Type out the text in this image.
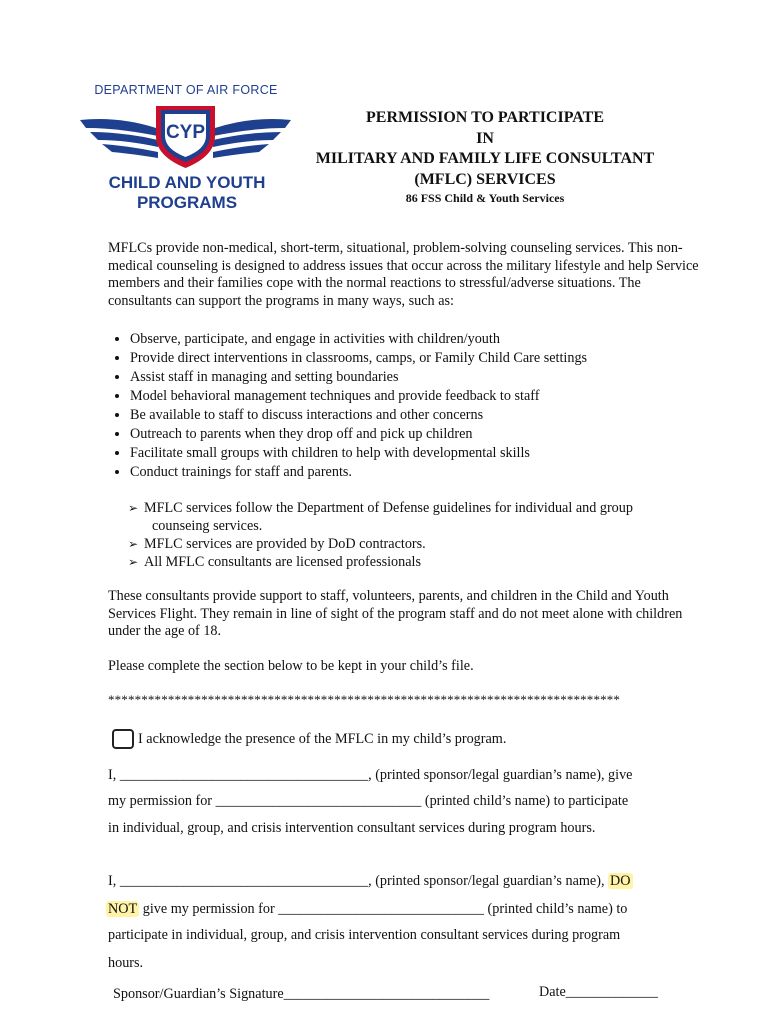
DEPARTMENT OF AIR FORCE
CYP
CHILD AND YOUTH
PROGRAMS
PERMISSION TO PARTICIPATE
IN
MILITARY AND FAMILY LIFE CONSULTANT
(MFLC) SERVICES
86 FSS Child & Youth Services
MFLCs provide non-medical, short-term, situational, problem-solving counseling services. This non-medical counseling is designed to address issues that occur across the military lifestyle and help Service members and their families cope with the normal reactions to stressful/adverse situations. The consultants can support the programs in many ways, such as:
• Observe, participate, and engage in activities with children/youth
• Provide direct interventions in classrooms, camps, or Family Child Care settings
• Assist staff in managing and setting boundaries
• Model behavioral management techniques and provide feedback to staff
• Be available to staff to discuss interactions and other concerns
• Outreach to parents when they drop off and pick up children
• Facilitate small groups with children to help with developmental skills
• Conduct trainings for staff and parents.
➢ MFLC services follow the Department of Defense guidelines for individual and group
counseing services.
➢ MFLC services are provided by DoD contractors.
➢ All MFLC consultants are licensed professionals
These consultants provide support to staff, volunteers, parents, and children in the Child and Youth Services Flight. They remain in line of sight of the program staff and do not meet alone with children under the age of 18.
Please complete the section below to be kept in your child’s file.
*****************************************************************************
I acknowledge the presence of the MFLC in my child’s program.
I, ___________________________________, (printed sponsor/legal guardian’s name), give
my permission for _____________________________ (printed child’s name) to participate
in individual, group, and crisis intervention consultant services during program hours.
I, ___________________________________, (printed sponsor/legal guardian’s name), DO
NOT give my permission for _____________________________ (printed child’s name) to
participate in individual, group, and crisis intervention consultant services during program
hours.
Sponsor/Guardian’s Signature_____________________________	Date_____________
